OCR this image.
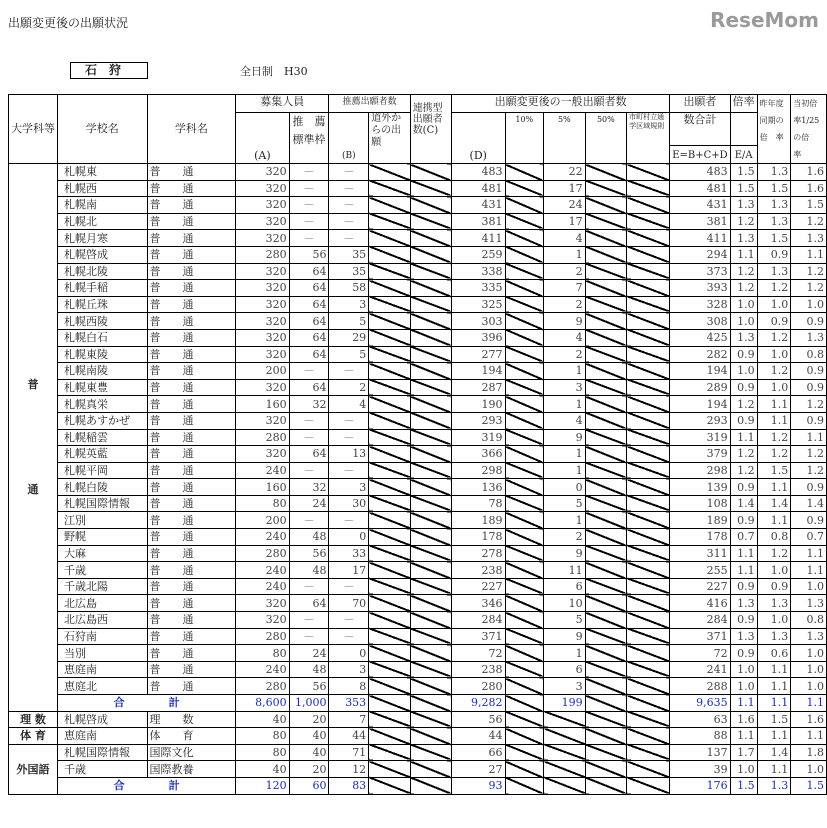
出願変更後の出願状況
石狩	全日制　H30
大学科等	学校名	学科名	募集人員		推薦出願者数		連携型出願者数(C)	出願変更後の一般出願者数					出願者	倍率	昨年度同期の倍　率	当初倍率1/25 の倍　率
			(A)	推　薦 標準枠	(B)	道外からの出願		(D)	10%	5%	50%	市町村立通学区域規則	数合計			
													E=B+C+D	E/A		
普

通	札幌東	普　　通	320	－	－			483		22			483	1.5	1.3	1.6
	札幌西	普　　通	320	－	－			481		17			481	1.5	1.5	1.6
	札幌南	普　　通	320	－	－			431		24			431	1.3	1.3	1.5
	札幌北	普　　通	320	－	－			381		17			381	1.2	1.3	1.2
	札幌月寒	普　　通	320	－	－			411		4			411	1.3	1.5	1.3
	札幌啓成	普　　通	280	56	35			259		1			294	1.1	0.9	1.1
	札幌北陵	普　　通	320	64	35			338		2			373	1.2	1.3	1.2
	札幌手稲	普　　通	320	64	58			335		7			393	1.2	1.2	1.2
	札幌丘珠	普　　通	320	64	3			325		2			328	1.0	1.0	1.0
	札幌西陵	普　　通	320	64	5			303		9			308	1.0	0.9	0.9
	札幌白石	普　　通	320	64	29			396		4			425	1.3	1.2	1.3
	札幌東陵	普　　通	320	64	5			277		2			282	0.9	1.0	0.8
	札幌南陵	普　　通	200	－	－			194		1			194	1.0	1.2	0.9
	札幌東豊	普　　通	320	64	2			287		3			289	0.9	1.0	0.9
	札幌真栄	普　　通	160	32	4			190		1			194	1.2	1.1	1.2
	札幌あすかぜ	普　　通	320	－	－			293		4			293	0.9	1.1	0.9
	札幌稲雲	普　　通	280	－	－			319		9			319	1.1	1.2	1.1
	札幌英藍	普　　通	320	64	13			366		1			379	1.2	1.2	1.2
	札幌平岡	普　　通	240	－	－			298		1			298	1.2	1.5	1.2
	札幌白陵	普　　通	160	32	3			136		0			139	0.9	1.1	0.9
	札幌国際情報	普　　通	80	24	30			78		5			108	1.4	1.4	1.4
	江別	普　　通	200	－	－			189		1			189	0.9	1.1	0.9
	野幌	普　　通	240	48	0			178		2			178	0.7	0.8	0.7
	大麻	普　　通	280	56	33			278		9			311	1.1	1.2	1.1
	千歳	普　　通	240	48	17			238		11			255	1.1	1.0	1.1
	千歳北陽	普　　通	240	－	－			227		6			227	0.9	0.9	1.0
	北広島	普　　通	320	64	70			346		10			416	1.3	1.3	1.3
	北広島西	普　　通	320	－	－			284		5			284	0.9	1.0	0.8
	石狩南	普　　通	280	－	－			371		9			371	1.3	1.3	1.3
	当別	普　　通	80	24	0			72		1			72	0.9	0.6	1.0
	恵庭南	普　　通	240	48	3			238		6			241	1.0	1.1	1.0
	恵庭北	普　　通	280	56	8			280		3			288	1.0	1.1	1.0
	合　　　　計		8,600	1,000	353			9,282		199			9,635	1.1	1.1	1.1
理 数	札幌啓成	理　　数	40	20	7			56					63	1.6	1.5	1.6
体 育	恵庭南	体　　育	80	40	44			44					88	1.1	1.1	1.1
外国語	札幌国際情報	国際文化	80	40	71			66					137	1.7	1.4	1.8
	千歳	国際教養	40	20	12			27					39	1.0	1.1	1.0
	合　　　　計		120	60	83			93					176	1.5	1.3	1.5
ReseMom
